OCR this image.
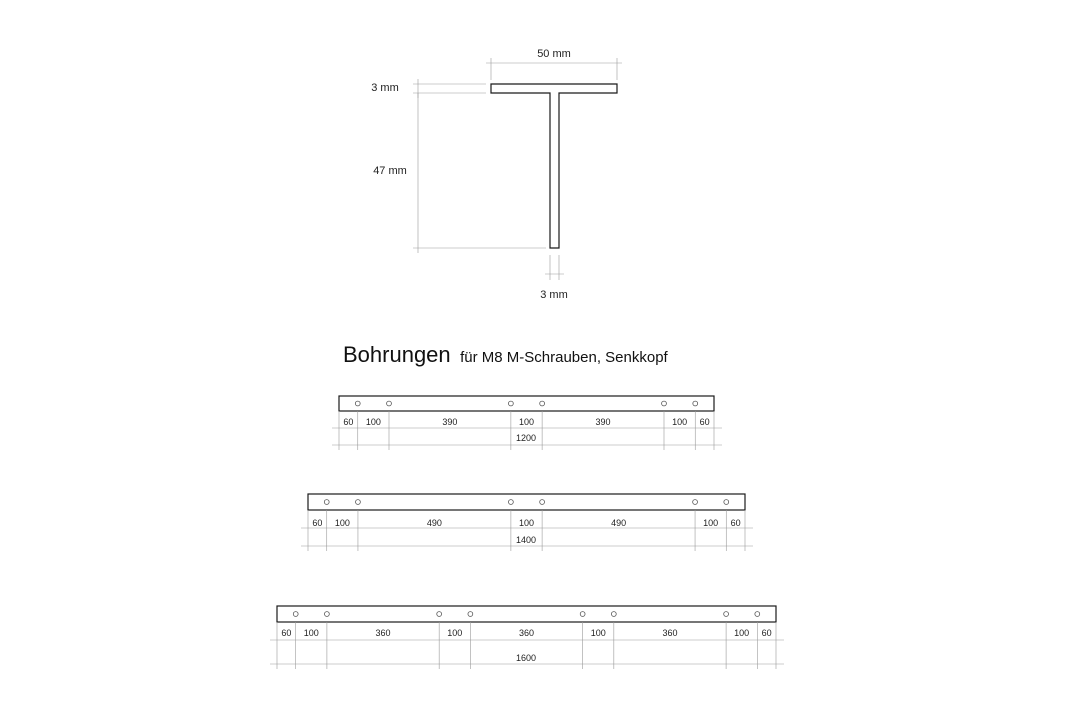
50 mm
3 mm
47 mm
3 mm
Bohrungen für M8 M-Schrauben, Senkkopf
60 100	390	100	390	100 60
1200
60 100	490	100	490	100 60
1400
60 100	360	100	360	100	360	100 60
1600
